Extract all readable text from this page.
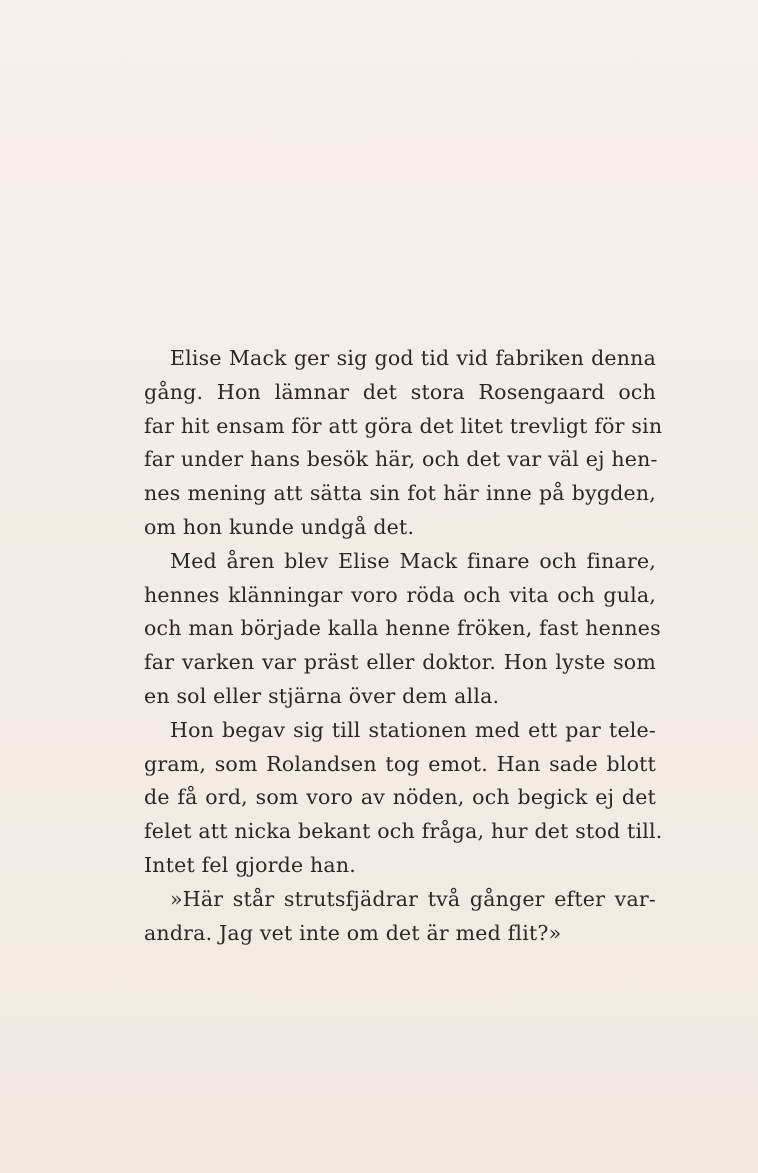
Elise Mack ger sig god tid vid fabriken denna
gång. Hon lämnar det stora Rosengaard och
far hit ensam för att göra det litet trevligt för sin
far under hans besök här, och det var väl ej hen-
nes mening att sätta sin fot här inne på bygden,
om hon kunde undgå det.

Med åren blev Elise Mack finare och finare,
hennes klänningar voro röda och vita och gula,
och man började kalla henne fröken, fast hennes
far varken var präst eller doktor. Hon lyste som
en sol eller stjärna över dem alla.

Hon begav sig till stationen med ett par tele-
gram, som Rolandsen tog emot. Han sade blott
de få ord, som voro av nöden, och begick ej det
felet att nicka bekant och fråga, hur det stod till.
Intet fel gjorde han.

»Här står strutsfjädrar två gånger efter var-
andra. Jag vet inte om det är med flit?»
